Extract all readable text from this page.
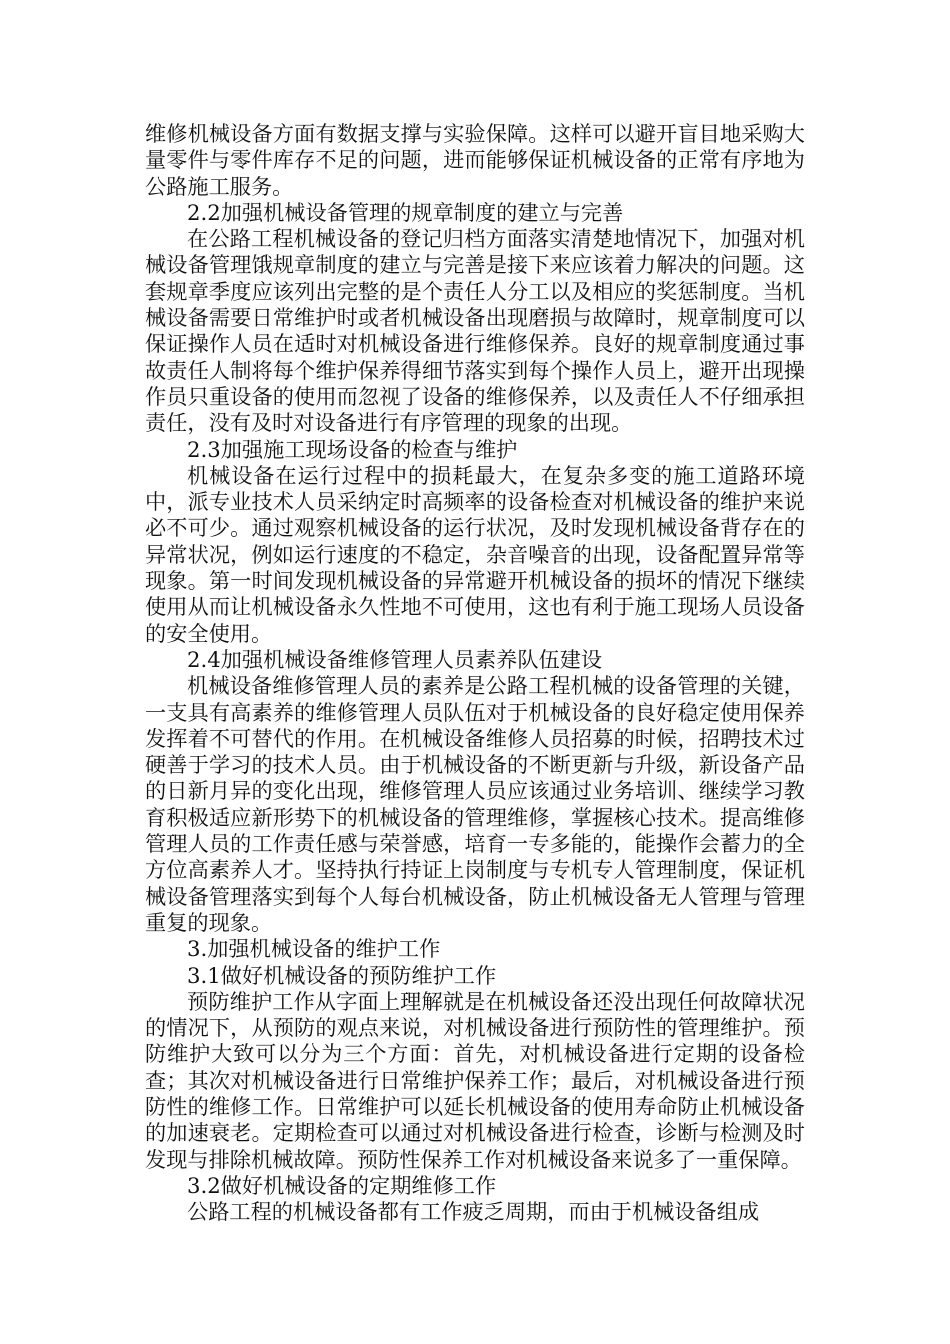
维修机械设备方面有数据支撑与实验保障。这样可以避开盲目地采购大量零件与零件库存不足的问题，进而能够保证机械设备的正常有序地为公路施工服务。

2.2加强机械设备管理的规章制度的建立与完善

在公路工程机械设备的登记归档方面落实清楚地情况下，加强对机械设备管理饿规章制度的建立与完善是接下来应该着力解决的问题。这套规章季度应该列出完整的是个责任人分工以及相应的奖惩制度。当机械设备需要日常维护时或者机械设备出现磨损与故障时，规章制度可以保证操作人员在适时对机械设备进行维修保养。良好的规章制度通过事故责任人制将每个维护保养得细节落实到每个操作人员上，避开出现操作员只重设备的使用而忽视了设备的维修保养，以及责任人不仔细承担责任，没有及时对设备进行有序管理的现象的出现。

2.3加强施工现场设备的检查与维护

机械设备在运行过程中的损耗最大，在复杂多变的施工道路环境中，派专业技术人员采纳定时高频率的设备检查对机械设备的维护来说必不可少。通过观察机械设备的运行状况，及时发现机械设备背存在的异常状况，例如运行速度的不稳定，杂音噪音的出现，设备配置异常等现象。第一时间发现机械设备的异常避开机械设备的损坏的情况下继续使用从而让机械设备永久性地不可使用，这也有利于施工现场人员设备的安全使用。

2.4加强机械设备维修管理人员素养队伍建设

机械设备维修管理人员的素养是公路工程机械的设备管理的关键，一支具有高素养的维修管理人员队伍对于机械设备的良好稳定使用保养发挥着不可替代的作用。在机械设备维修人员招募的时候，招聘技术过硬善于学习的技术人员。由于机械设备的不断更新与升级，新设备产品的日新月异的变化出现，维修管理人员应该通过业务培训、继续学习教育积极适应新形势下的机械设备的管理维修，掌握核心技术。提高维修管理人员的工作责任感与荣誉感，培育一专多能的，能操作会蓄力的全方位高素养人才。坚持执行持证上岗制度与专机专人管理制度，保证机械设备管理落实到每个人每台机械设备，防止机械设备无人管理与管理重复的现象。

3.加强机械设备的维护工作

3.1做好机械设备的预防维护工作

预防维护工作从字面上理解就是在机械设备还没出现任何故障状况的情况下，从预防的观点来说，对机械设备进行预防性的管理维护。预防维护大致可以分为三个方面：首先，对机械设备进行定期的设备检查；其次对机械设备进行日常维护保养工作；最后，对机械设备进行预防性的维修工作。日常维护可以延长机械设备的使用寿命防止机械设备的加速衰老。定期检查可以通过对机械设备进行检查，诊断与检测及时发现与排除机械故障。预防性保养工作对机械设备来说多了一重保障。

3.2做好机械设备的定期维修工作

公路工程的机械设备都有工作疲乏周期，而由于机械设备组成
